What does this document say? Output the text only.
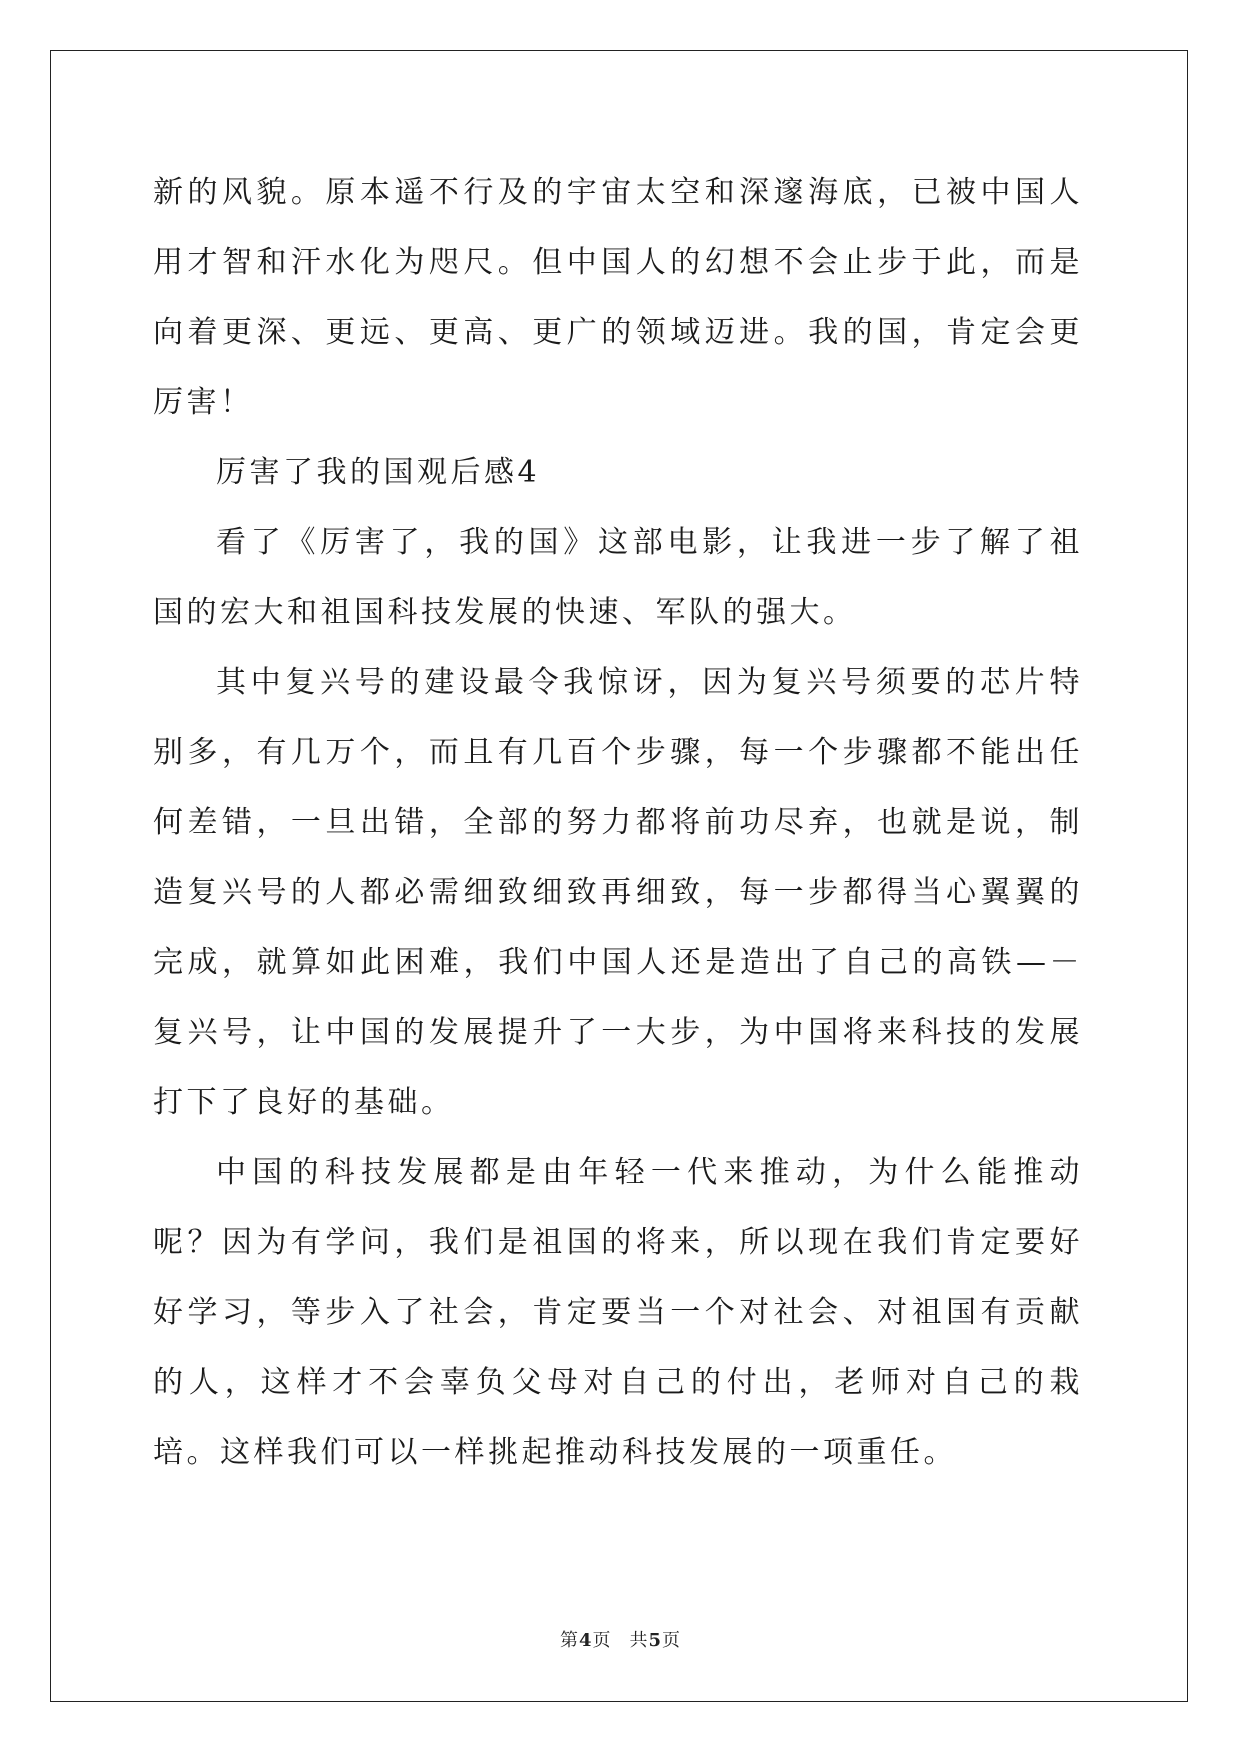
新的风貌。原本遥不行及的宇宙太空和深邃海底，已被中国人用才智和汗水化为咫尺。但中国人的幻想不会止步于此，而是向着更深、更远、更高、更广的领域迈进。我的国，肯定会更厉害！

厉害了我的国观后感4

看了《厉害了，我的国》这部电影，让我进一步了解了祖国的宏大和祖国科技发展的快速、军队的强大。

其中复兴号的建设最令我惊讶，因为复兴号须要的芯片特别多，有几万个，而且有几百个步骤，每一个步骤都不能出任何差错，一旦出错，全部的努力都将前功尽弃，也就是说，制造复兴号的人都必需细致细致再细致，每一步都得当心翼翼的完成，就算如此困难，我们中国人还是造出了自己的高铁—－复兴号，让中国的发展提升了一大步，为中国将来科技的发展打下了良好的基础。

中国的科技发展都是由年轻一代来推动，为什么能推动呢？因为有学问，我们是祖国的将来，所以现在我们肯定要好好学习，等步入了社会，肯定要当一个对社会、对祖国有贡献的人，这样才不会辜负父母对自己的付出，老师对自己的栽培。这样我们可以一样挑起推动科技发展的一项重任。

第4页 共5页
